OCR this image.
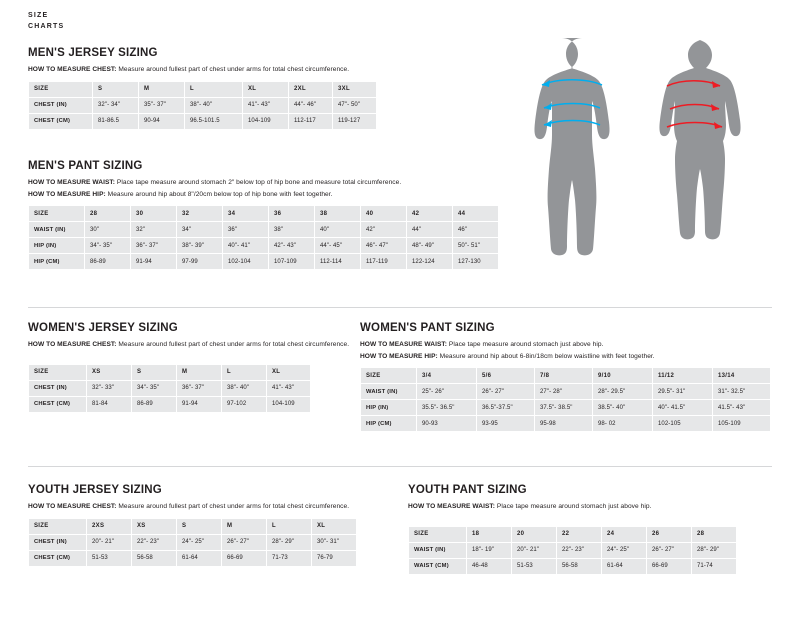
SIZE
CHARTS
MEN'S JERSEY SIZING
HOW TO MEASURE CHEST: Measure around fullest part of chest under arms for total chest circumference.
SIZE	S	M	L	XL	2XL	3XL
CHEST (IN)	32"- 34"	35"- 37"	38"- 40"	41"- 43"	44"- 46"	47"- 50"
CHEST (CM)	81-86.5	90-94	96.5-101.5	104-109	112-117	119-127
MEN'S PANT SIZING
HOW TO MEASURE WAIST: Place tape measure around stomach 2″ below top of hip bone and measure total circumference.
HOW TO MEASURE HIP: Measure around hip about 8"/20cm below top of hip bone with feet together.
SIZE	28	30	32	34	36	38	40	42	44
WAIST (IN)	30"	32"	34"	36"	38"	40"	42"	44"	46"
HIP (IN)	34"- 35"	36"- 37"	38"- 39"	40"- 41"	42"- 43"	44"- 45"	46"- 47"	48"- 49"	50"- 51"
HIP (CM)	86-89	91-94	97-99	102-104	107-109	112-114	117-119	122-124	127-130
WOMEN'S JERSEY SIZING
HOW TO MEASURE CHEST: Measure around fullest part of chest under arms for total chest circumference.
SIZE	XS	S	M	L	XL
CHEST (IN)	32"- 33"	34"- 35"	36"- 37"	38"- 40"	41"- 43"
CHEST (CM)	81-84	86-89	91-94	97-102	104-109
WOMEN'S PANT SIZING
HOW TO MEASURE WAIST: Place tape measure around stomach just above hip.
HOW TO MEASURE HIP: Measure around hip about 6-8in/18cm below waistline with feet together.
SIZE	3/4	5/6	7/8	9/10	11/12	13/14
WAIST (IN)	25"- 26"	26"- 27"	27"- 28"	28"- 29.5"	29.5"- 31"	31"- 32.5"
HIP (IN)	35.5"- 36.5"	36.5"-37.5"	37.5"- 38.5"	38.5"- 40"	40"- 41.5"	41.5"- 43"
HIP (CM)	90-93	93-95	95-98	98- 02	102-105	105-109
YOUTH JERSEY SIZING
HOW TO MEASURE CHEST: Measure around fullest part of chest under arms for total chest circumference.
SIZE	2XS	XS	S	M	L	XL
CHEST (IN)	20"- 21"	22"- 23"	24"- 25"	26"- 27"	28"- 29"	30"- 31"
CHEST (CM)	51-53	56-58	61-64	66-69	71-73	76-79
YOUTH PANT SIZING
HOW TO MEASURE WAIST: Place tape measure around stomach just above hip.
SIZE	18	20	22	24	26	28
WAIST (IN)	18"- 19"	20"- 21"	22"- 23"	24"- 25"	26"- 27"	28"- 29"
WAIST (CM)	46-48	51-53	56-58	61-64	66-69	71-74
